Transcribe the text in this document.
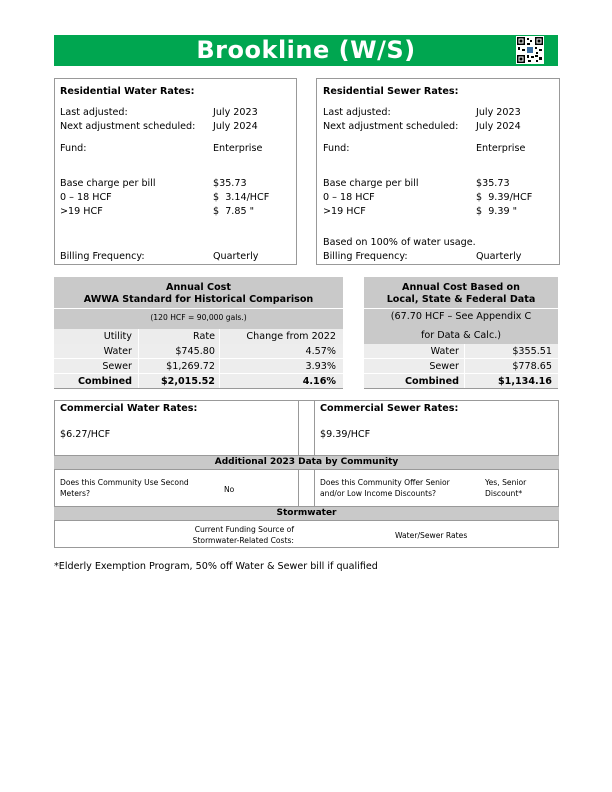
Brookline (W/S)
Residential Water Rates:
Last adjusted:	July 2023
Next adjustment scheduled: July 2024
Fund:	Enterprise
Base charge per bill	$35.73
0 – 18 HCF	$  3.14/HCF
>19 HCF	$  7.85 "
Billing Frequency:	Quarterly
Residential Sewer Rates:
Last adjusted:	July 2023
Next adjustment scheduled: July 2024
Fund:	Enterprise
Base charge per bill	$35.73
0 – 18 HCF	$  9.39/HCF
>19 HCF	$  9.39 "
Based on 100% of water usage.
Billing Frequency:	Quarterly
Annual Cost
AWWA Standard for Historical Comparison
(120 HCF = 90,000 gals.)
Utility	Rate	Change from 2022
Water	$745.80	4.57%
Sewer	$1,269.72	3.93%
Combined	$2,015.52	4.16%
Annual Cost Based on
Local, State & Federal Data
(67.70 HCF – See Appendix C
for Data & Calc.)
Water	$355.51
Sewer	$778.65
Combined	$1,134.16
Commercial Water Rates:
$6.27/HCF
Commercial Sewer Rates:
$9.39/HCF
Additional 2023 Data by Community
Does this Community Use Second Meters?	No
Does this Community Offer Senior and/or Low Income Discounts?
Yes, Senior Discount*
Stormwater
Current Funding Source of Stormwater-Related Costs:
Water/Sewer Rates
*Elderly Exemption Program, 50% off Water & Sewer bill if qualified
